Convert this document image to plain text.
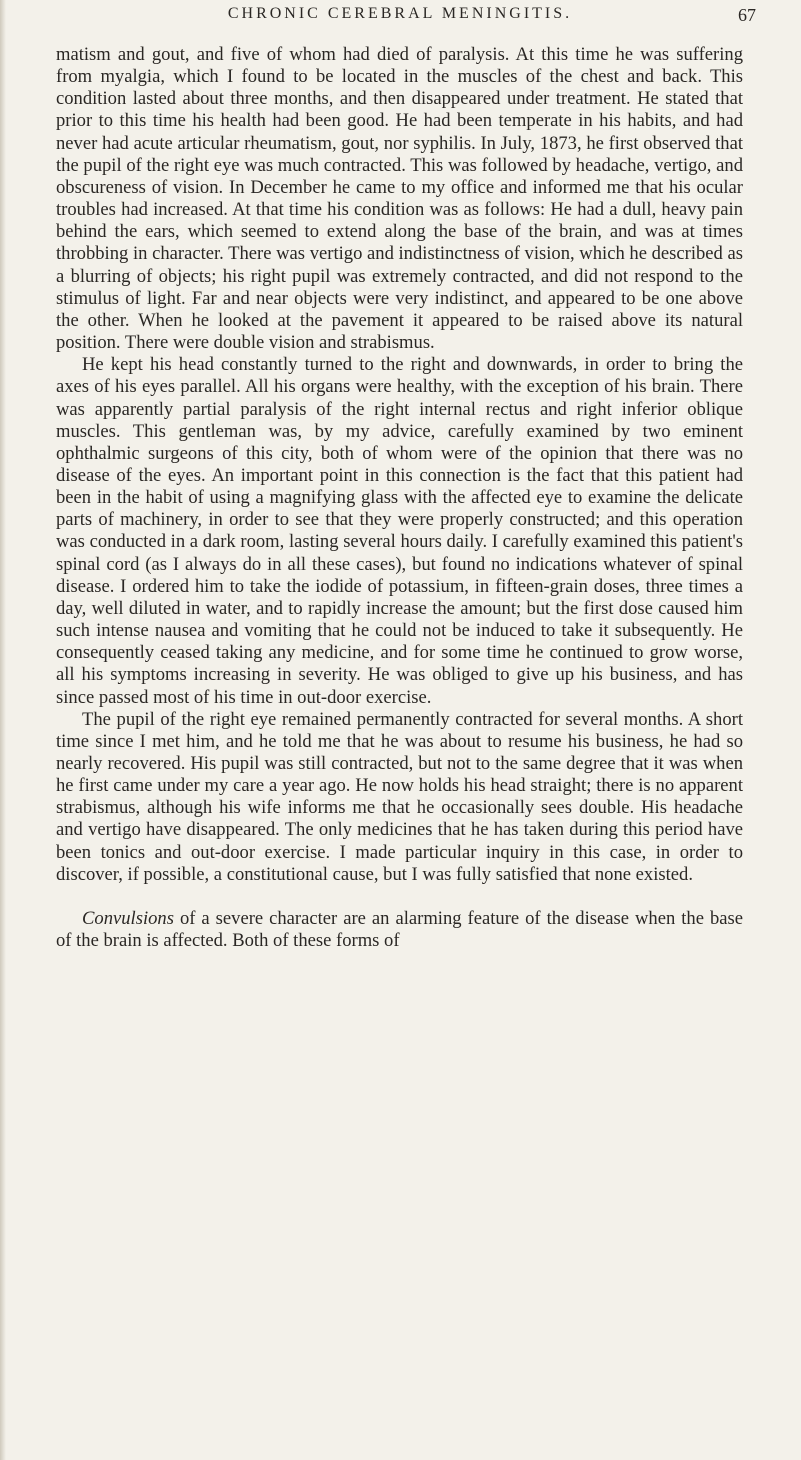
CHRONIC CEREBRAL MENINGITIS.	67

matism and gout, and five of whom had died of paralysis. At this time he was suffering from myalgia, which I found to be located in the muscles of the chest and back. This condition lasted about three months, and then disappeared under treatment. He stated that prior to this time his health had been good. He had been temperate in his habits, and had never had acute articular rheumatism, gout, nor syphilis. In July, 1873, he first observed that the pupil of the right eye was much contracted. This was followed by headache, vertigo, and obscureness of vision. In December he came to my office and informed me that his ocular troubles had increased. At that time his condition was as follows: He had a dull, heavy pain behind the ears, which seemed to extend along the base of the brain, and was at times throbbing in character. There was vertigo and indistinctness of vision, which he described as a blurring of objects; his right pupil was extremely contracted, and did not respond to the stimulus of light. Far and near objects were very indistinct, and appeared to be one above the other. When he looked at the pavement it appeared to be raised above its natural position. There were double vision and strabismus.

He kept his head constantly turned to the right and downwards, in order to bring the axes of his eyes parallel. All his organs were healthy, with the exception of his brain. There was apparently partial paralysis of the right internal rectus and right inferior oblique muscles. This gentleman was, by my advice, carefully examined by two eminent ophthalmic surgeons of this city, both of whom were of the opinion that there was no disease of the eyes. An important point in this connection is the fact that this patient had been in the habit of using a magnifying glass with the affected eye to examine the delicate parts of machinery, in order to see that they were properly constructed; and this operation was conducted in a dark room, lasting several hours daily. I carefully examined this patient's spinal cord (as I always do in all these cases), but found no indications whatever of spinal disease. I ordered him to take the iodide of potassium, in fifteen-grain doses, three times a day, well diluted in water, and to rapidly increase the amount; but the first dose caused him such intense nausea and vomiting that he could not be induced to take it subsequently. He consequently ceased taking any medicine, and for some time he continued to grow worse, all his symptoms increasing in severity. He was obliged to give up his business, and has since passed most of his time in out-door exercise.

The pupil of the right eye remained permanently contracted for several months. A short time since I met him, and he told me that he was about to resume his business, he had so nearly recovered. His pupil was still contracted, but not to the same degree that it was when he first came under my care a year ago. He now holds his head straight; there is no apparent strabismus, although his wife informs me that he occasionally sees double. His headache and vertigo have disappeared. The only medicines that he has taken during this period have been tonics and out-door exercise. I made particular inquiry in this case, in order to discover, if possible, a constitutional cause, but I was fully satisfied that none existed.

Convulsions of a severe character are an alarming feature of the disease when the base of the brain is affected. Both of these forms of
